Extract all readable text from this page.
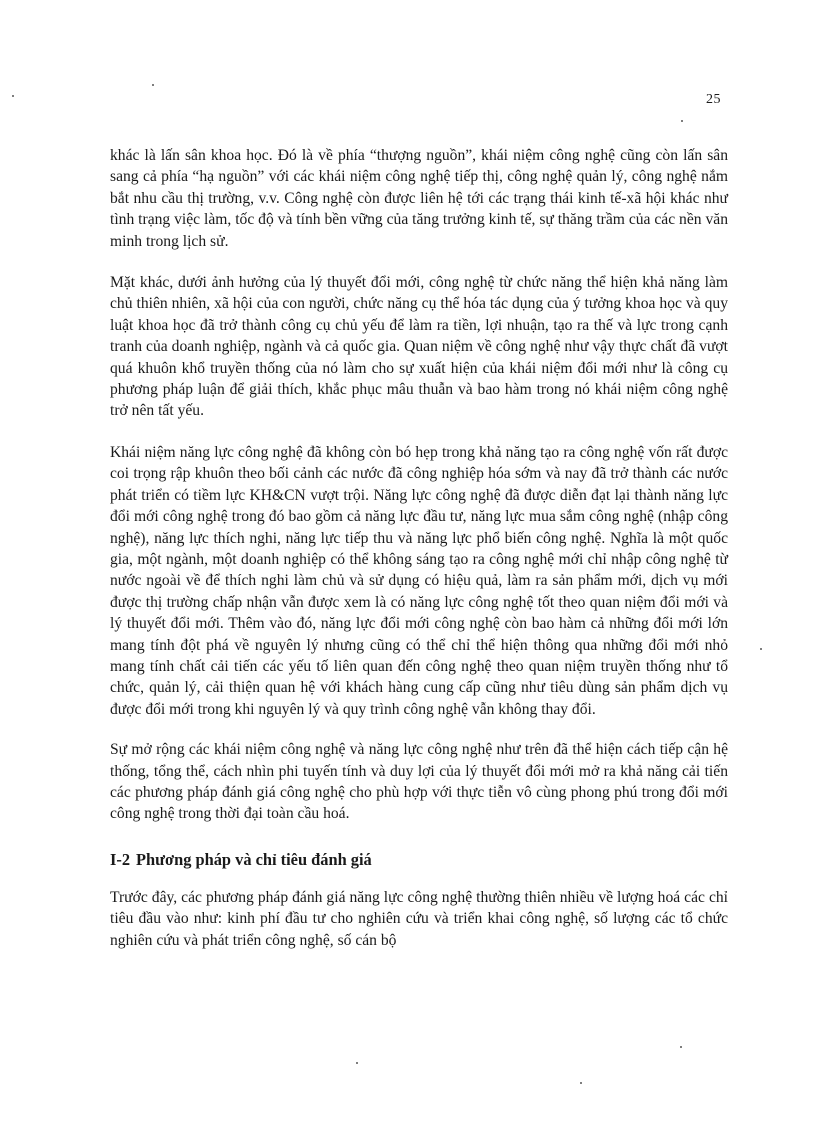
25

khác là lấn sân khoa học. Đó là về phía “thượng nguồn”, khái niệm công nghệ cũng còn lấn sân sang cả phía “hạ nguồn” với các khái niệm công nghệ tiếp thị, công nghệ quản lý, công nghệ nắm bắt nhu cầu thị trường, v.v. Công nghệ còn được liên hệ tới các trạng thái kinh tế-xã hội khác như tình trạng việc làm, tốc độ và tính bền vững của tăng trưởng kinh tế, sự thăng trầm của các nền văn minh trong lịch sử.

Mặt khác, dưới ảnh hưởng của lý thuyết đổi mới, công nghệ từ chức năng thể hiện khả năng làm chủ thiên nhiên, xã hội của con người, chức năng cụ thể hóa tác dụng của ý tưởng khoa học và quy luật khoa học đã trở thành công cụ chủ yếu để làm ra tiền, lợi nhuận, tạo ra thế và lực trong cạnh tranh của doanh nghiệp, ngành và cả quốc gia. Quan niệm về công nghệ như vậy thực chất đã vượt quá khuôn khổ truyền thống của nó làm cho sự xuất hiện của khái niệm đổi mới như là công cụ phương pháp luận để giải thích, khắc phục mâu thuẫn và bao hàm trong nó khái niệm công nghệ trở nên tất yếu.

Khái niệm năng lực công nghệ đã không còn bó hẹp trong khả năng tạo ra công nghệ vốn rất được coi trọng rập khuôn theo bối cảnh các nước đã công nghiệp hóa sớm và nay đã trở thành các nước phát triển có tiềm lực KH&CN vượt trội. Năng lực công nghệ đã được diễn đạt lại thành năng lực đổi mới công nghệ trong đó bao gồm cả năng lực đầu tư, năng lực mua sắm công nghệ (nhập công nghệ), năng lực thích nghi, năng lực tiếp thu và năng lực phổ biến công nghệ. Nghĩa là một quốc gia, một ngành, một doanh nghiệp có thể không sáng tạo ra công nghệ mới chỉ nhập công nghệ từ nước ngoài về để thích nghi làm chủ và sử dụng có hiệu quả, làm ra sản phẩm mới, dịch vụ mới được thị trường chấp nhận vẫn được xem là có năng lực công nghệ tốt theo quan niệm đổi mới và lý thuyết đổi mới. Thêm vào đó, năng lực đổi mới công nghệ còn bao hàm cả những đổi mới lớn mang tính đột phá về nguyên lý nhưng cũng có thể chỉ thể hiện thông qua những đổi mới nhỏ mang tính chất cải tiến các yếu tố liên quan đến công nghệ theo quan niệm truyền thống như tổ chức, quản lý, cải thiện quan hệ với khách hàng cung cấp cũng như tiêu dùng sản phẩm dịch vụ được đổi mới trong khi nguyên lý và quy trình công nghệ vẫn không thay đổi.

Sự mở rộng các khái niệm công nghệ và năng lực công nghệ như trên đã thể hiện cách tiếp cận hệ thống, tổng thể, cách nhìn phi tuyến tính và duy lợi của lý thuyết đổi mới mở ra khả năng cải tiến các phương pháp đánh giá công nghệ cho phù hợp với thực tiễn vô cùng phong phú trong đổi mới công nghệ trong thời đại toàn cầu hoá.

I-2 Phương pháp và chỉ tiêu đánh giá

Trước đây, các phương pháp đánh giá năng lực công nghệ thường thiên nhiều về lượng hoá các chỉ tiêu đầu vào như: kinh phí đầu tư cho nghiên cứu và triển khai công nghệ, số lượng các tổ chức nghiên cứu và phát triển công nghệ, số cán bộ
